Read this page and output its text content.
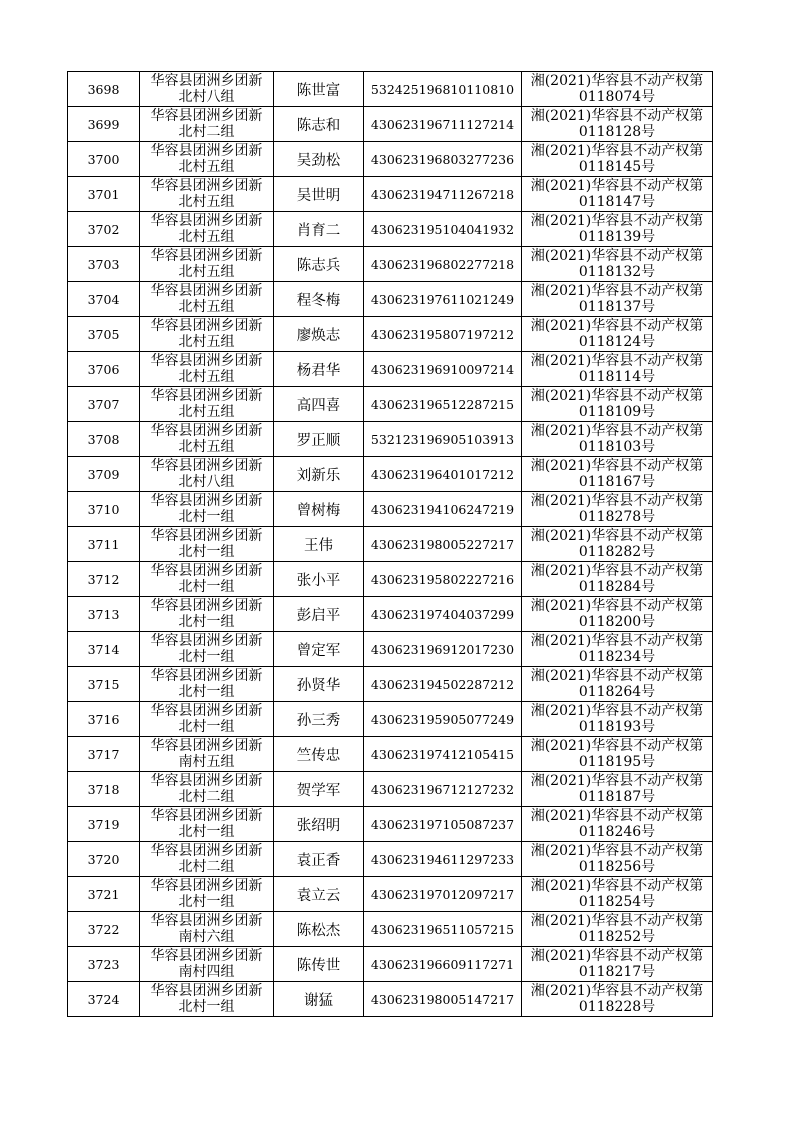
3698	华容县团洲乡团新
北村八组	陈世富	532425196810110810	湘(2021)华容县不动产权第
0118074号

3699	华容县团洲乡团新
北村二组	陈志和	430623196711127214	湘(2021)华容县不动产权第
0118128号

3700	华容县团洲乡团新
北村五组	吴劲松	430623196803277236	湘(2021)华容县不动产权第
0118145号

3701	华容县团洲乡团新
北村五组	吴世明	430623194711267218	湘(2021)华容县不动产权第
0118147号

3702	华容县团洲乡团新
北村五组	肖育二	430623195104041932	湘(2021)华容县不动产权第
0118139号

3703	华容县团洲乡团新
北村五组	陈志兵	430623196802277218	湘(2021)华容县不动产权第
0118132号

3704	华容县团洲乡团新
北村五组	程冬梅	430623197611021249	湘(2021)华容县不动产权第
0118137号

3705	华容县团洲乡团新
北村五组	廖焕志	430623195807197212	湘(2021)华容县不动产权第
0118124号

3706	华容县团洲乡团新
北村五组	杨君华	430623196910097214	湘(2021)华容县不动产权第
0118114号

3707	华容县团洲乡团新
北村五组	高四喜	430623196512287215	湘(2021)华容县不动产权第
0118109号

3708	华容县团洲乡团新
北村五组	罗正顺	532123196905103913	湘(2021)华容县不动产权第
0118103号

3709	华容县团洲乡团新
北村八组	刘新乐	430623196401017212	湘(2021)华容县不动产权第
0118167号

3710	华容县团洲乡团新
北村一组	曾树梅	430623194106247219	湘(2021)华容县不动产权第
0118278号

3711	华容县团洲乡团新
北村一组	王伟	430623198005227217	湘(2021)华容县不动产权第
0118282号

3712	华容县团洲乡团新
北村一组	张小平	430623195802227216	湘(2021)华容县不动产权第
0118284号

3713	华容县团洲乡团新
北村一组	彭启平	430623197404037299	湘(2021)华容县不动产权第
0118200号

3714	华容县团洲乡团新
北村一组	曾定军	430623196912017230	湘(2021)华容县不动产权第
0118234号

3715	华容县团洲乡团新
北村一组	孙贤华	430623194502287212	湘(2021)华容县不动产权第
0118264号

3716	华容县团洲乡团新
北村一组	孙三秀	430623195905077249	湘(2021)华容县不动产权第
0118193号

3717	华容县团洲乡团新
南村五组	竺传忠	430623197412105415	湘(2021)华容县不动产权第
0118195号

3718	华容县团洲乡团新
北村二组	贺学军	430623196712127232	湘(2021)华容县不动产权第
0118187号

3719	华容县团洲乡团新
北村一组	张绍明	430623197105087237	湘(2021)华容县不动产权第
0118246号

3720	华容县团洲乡团新
北村二组	袁正香	430623194611297233	湘(2021)华容县不动产权第
0118256号

3721	华容县团洲乡团新
北村一组	袁立云	430623197012097217	湘(2021)华容县不动产权第
0118254号

3722	华容县团洲乡团新
南村六组	陈松杰	430623196511057215	湘(2021)华容县不动产权第
0118252号

3723	华容县团洲乡团新
南村四组	陈传世	430623196609117271	湘(2021)华容县不动产权第
0118217号

3724	华容县团洲乡团新
北村一组	谢猛	430623198005147217	湘(2021)华容县不动产权第
0118228号
